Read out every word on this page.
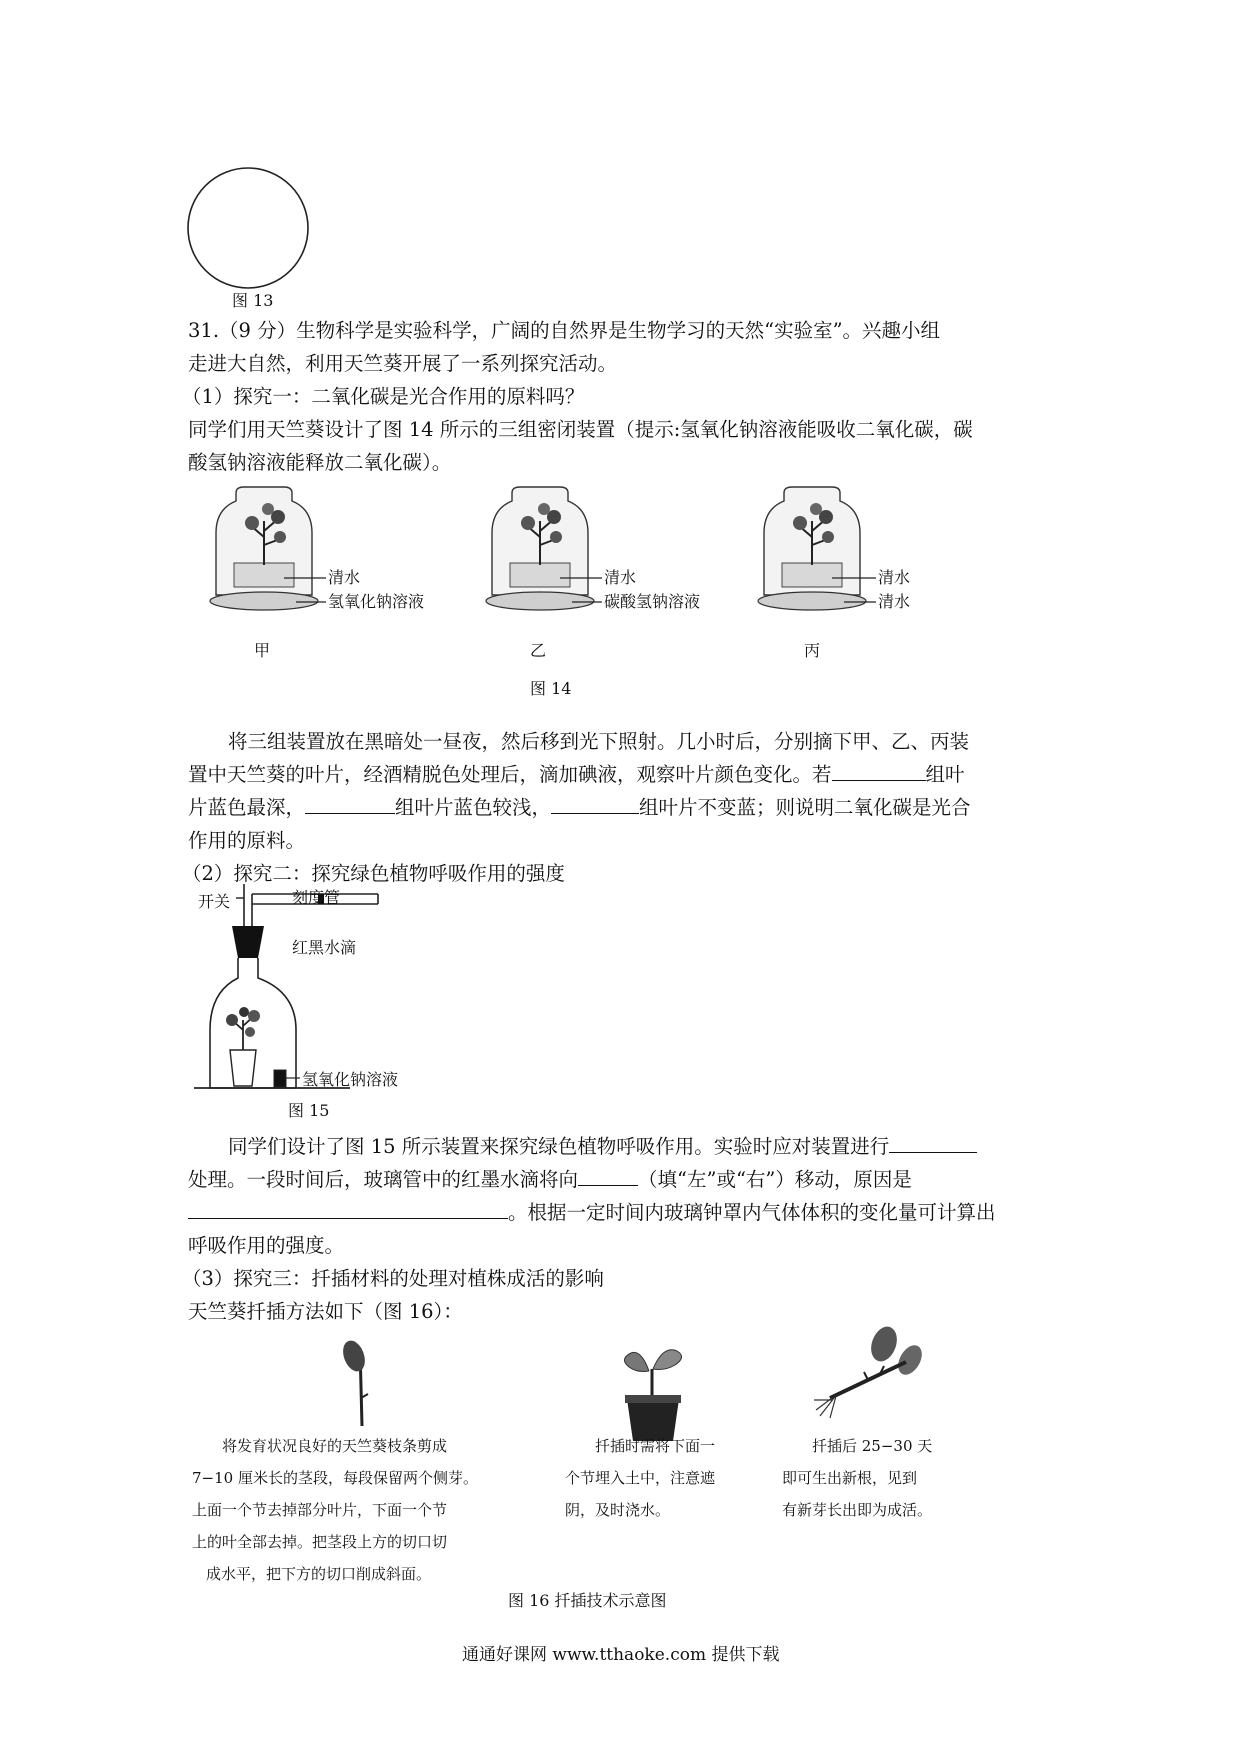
图 13
31.（9 分）生物科学是实验科学，广阔的自然界是生物学习的天然“实验室”。兴趣小组
走进大自然，利用天竺葵开展了一系列探究活动。
（1）探究一：二氧化碳是光合作用的原料吗？
同学们用天竺葵设计了图 14 所示的三组密闭装置（提示:氢氧化钠溶液能吸收二氧化碳，碳
酸氢钠溶液能释放二氧化碳）。
清水
氢氧化钠溶液
清水
碳酸氢钠溶液
清水
清水
甲	乙	丙
图 14
将三组装置放在黑暗处一昼夜，然后移到光下照射。几小时后，分别摘下甲、乙、丙装
置中天竺葵的叶片，经酒精脱色处理后，滴加碘液，观察叶片颜色变化。若	组叶
片蓝色最深，	组叶片蓝色较浅，	组叶片不变蓝；则说明二氧化碳是光合
作用的原料。
（2）探究二：探究绿色植物呼吸作用的强度
开关	刻度管
红黑水滴
氢氧化钠溶液
图 15
同学们设计了图 15 所示装置来探究绿色植物呼吸作用。实验时应对装置进行
处理。一段时间后，玻璃管中的红墨水滴将向	（填“左”或“右”）移动，原因是
。根据一定时间内玻璃钟罩内气体体积的变化量可计算出
呼吸作用的强度。
（3）探究三：扦插材料的处理对植株成活的影响
天竺葵扦插方法如下（图 16）：
将发育状况良好的天竺葵枝条剪成
7−10 厘米长的茎段，每段保留两个侧芽。
上面一个节去掉部分叶片，下面一个节
上的叶全部去掉。把茎段上方的切口切
成水平，把下方的切口削成斜面。
扦插时需将下面一
个节埋入土中，注意遮
阴，及时浇水。
扦插后 25−30 天
即可生出新根，见到
有新芽长出即为成活。
图 16 扦插技术示意图
通通好课网 www.tthaoke.com 提供下载
